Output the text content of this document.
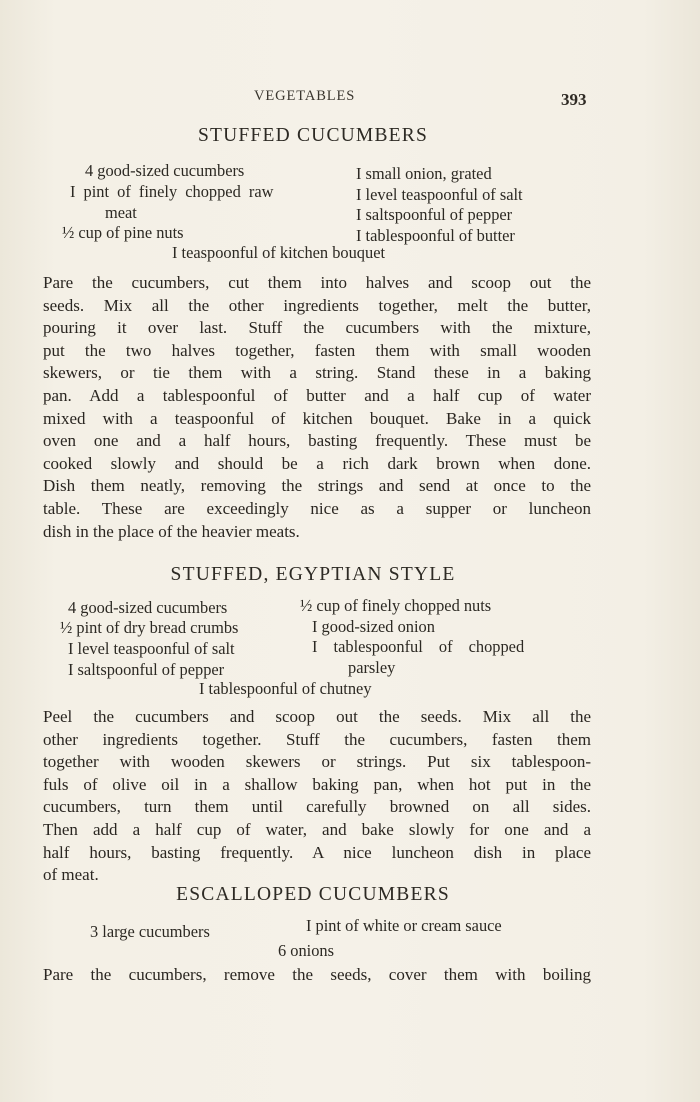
VEGETABLES	393
STUFFED CUCUMBERS
4 good-sized cucumbers
I pint of finely chopped raw
meat
½ cup of pine nuts
I small onion, grated
I level teaspoonful of salt
I saltspoonful of pepper
I tablespoonful of butter
I teaspoonful of kitchen bouquet
Pare the cucumbers, cut them into halves and scoop out the
seeds. Mix all the other ingredients together, melt the butter,
pouring it over last. Stuff the cucumbers with the mixture,
put the two halves together, fasten them with small wooden
skewers, or tie them with a string. Stand these in a baking
pan. Add a tablespoonful of butter and a half cup of water
mixed with a teaspoonful of kitchen bouquet. Bake in a quick
oven one and a half hours, basting frequently. These must be
cooked slowly and should be a rich dark brown when done.
Dish them neatly, removing the strings and send at once to the
table. These are exceedingly nice as a supper or luncheon
dish in the place of the heavier meats.
STUFFED, EGYPTIAN STYLE
4 good-sized cucumbers
½ pint of dry bread crumbs
I level teaspoonful of salt
I saltspoonful of pepper
½ cup of finely chopped nuts
I good-sized onion
I tablespoonful of chopped
parsley
I tablespoonful of chutney
Peel the cucumbers and scoop out the seeds. Mix all the
other ingredients together. Stuff the cucumbers, fasten them
together with wooden skewers or strings. Put six tablespoon-
fuls of olive oil in a shallow baking pan, when hot put in the
cucumbers, turn them until carefully browned on all sides.
Then add a half cup of water, and bake slowly for one and a
half hours, basting frequently. A nice luncheon dish in place
of meat.
ESCALLOPED CUCUMBERS
3 large cucumbers	I pint of white or cream sauce
6 onions
Pare the cucumbers, remove the seeds, cover them with boiling
